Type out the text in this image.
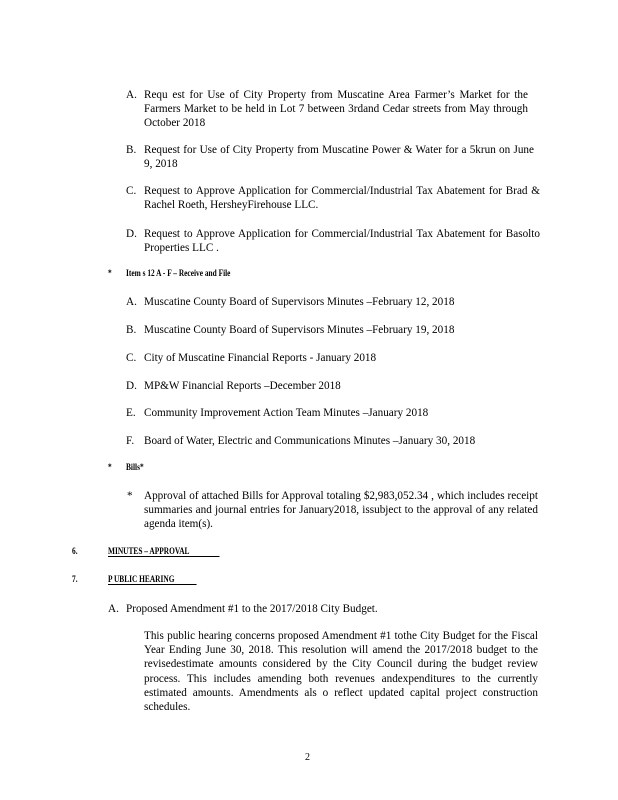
A. Requ est for Use of City Property from Muscatine Area Farmer’s Market for the Farmers Market to be held in Lot 7 between 3rdand Cedar streets from May through October 2018
B. Request for Use of City Property from Muscatine Power & Water for a 5krun on June 9, 2018
C. Request to Approve Application for Commercial/Industrial Tax Abatement for Brad & Rachel Roeth, HersheyFirehouse LLC.
D. Request to Approve Application for Commercial/Industrial Tax Abatement for Basolto Properties LLC .
* Item s 12 A - F – Receive and File
A. Muscatine County Board of Supervisors Minutes –February 12, 2018
B. Muscatine County Board of Supervisors Minutes –February 19, 2018
C. City of Muscatine Financial Reports - January 2018
D. MP&W Financial Reports –December 2018
E. Community Improvement Action Team Minutes –January 2018
F. Board of Water, Electric and Communications Minutes –January 30, 2018
* Bills*
* Approval of attached Bills for Approval totaling $2,983,052.34 , which includes receipt summaries and journal entries for January2018, issubject to the approval of any related agenda item(s).
6.	MINUTES – APPROVAL
7.	P UBLIC HEARING
A. Proposed Amendment #1 to the 2017/2018 City Budget.
This public hearing concerns proposed Amendment #1 tothe City Budget for the Fiscal Year Ending June 30, 2018. This resolution will amend the 2017/2018 budget to the revisedestimate amounts considered by the City Council during the budget review process. This includes amending both revenues andexpenditures to the currently estimated amounts. Amendments als o reflect updated capital project construction schedules.
2
